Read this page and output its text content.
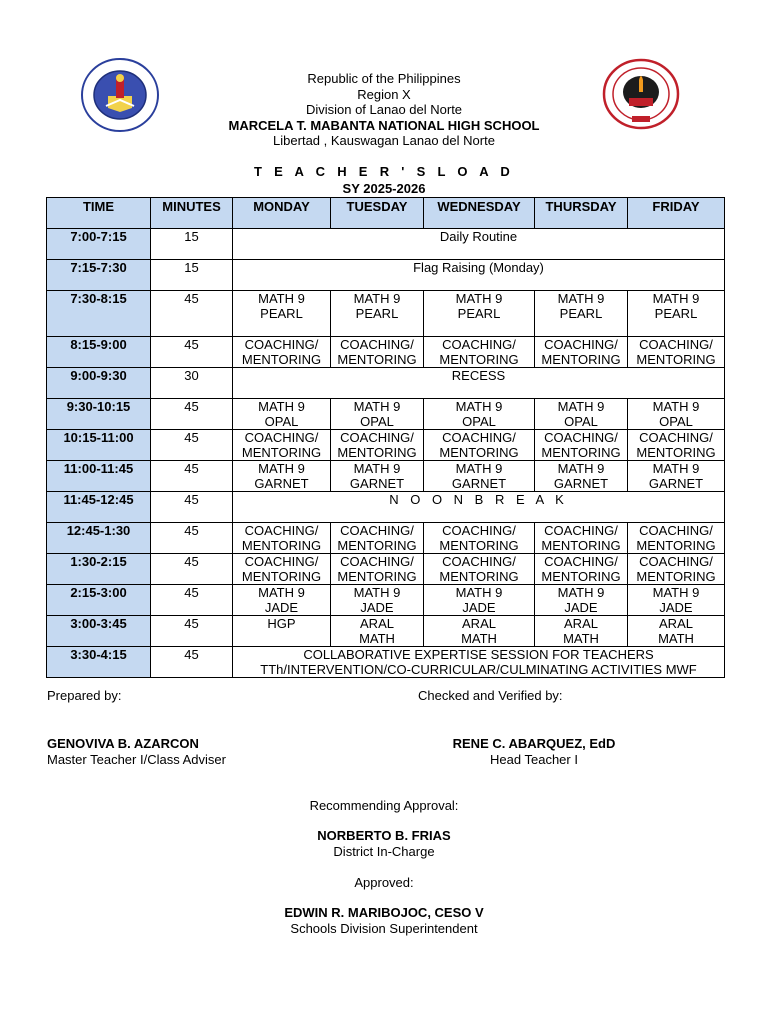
Republic of the Philippines
Region X
Division of Lanao del Norte
MARCELA T. MABANTA NATIONAL HIGH SCHOOL
Libertad , Kauswagan Lanao del Norte
T E A C H E R ' S L O A D
SY 2025-2026
TIME	MINUTES	MONDAY	TUESDAY	WEDNESDAY	THURSDAY	FRIDAY
7:00-7:15	15	Daily Routine				
7:15-7:30	15	Flag Raising (Monday)				
7:30-8:15	45	MATH 9
PEARL	MATH 9
PEARL	MATH 9
PEARL	MATH 9
PEARL	MATH 9
PEARL

8:15-9:00	45	COACHING/
MENTORING	COACHING/
MENTORING	COACHING/
MENTORING	COACHING/
MENTORING	COACHING/
MENTORING

9:00-9:30	30	RECESS				
9:30-10:15	45	MATH 9
OPAL	MATH 9
OPAL	MATH 9
OPAL	MATH 9
OPAL	MATH 9
OPAL

10:15-11:00	45	COACHING/
MENTORING	COACHING/
MENTORING	COACHING/
MENTORING	COACHING/
MENTORING	COACHING/
MENTORING

11:00-11:45	45	MATH 9
GARNET	MATH 9
GARNET	MATH 9
GARNET	MATH 9
GARNET	MATH 9
GARNET

11:45-12:45	45	N O O N B R E A K				
12:45-1:30	45	COACHING/
MENTORING	COACHING/
MENTORING	COACHING/
MENTORING	COACHING/
MENTORING	COACHING/
MENTORING

1:30-2:15	45	COACHING/
MENTORING	COACHING/
MENTORING	COACHING/
MENTORING	COACHING/
MENTORING	COACHING/
MENTORING

2:15-3:00	45	MATH 9
JADE	MATH 9
JADE	MATH 9
JADE	MATH 9
JADE	MATH 9
JADE

3:00-3:45	45	HGP	ARAL
MATH	ARAL
MATH	ARAL
MATH	ARAL
MATH

3:30-4:15	45	COLLABORATIVE EXPERTISE SESSION FOR TEACHERS
TTh/INTERVENTION/CO-CURRICULAR/CULMINATING ACTIVITIES MWF				
Prepared by:	Checked and Verified by:
GENOVIVA B. AZARCON
Master Teacher I/Class Adviser
RENE C. ABARQUEZ, EdD
Head Teacher I
Recommending Approval:
NORBERTO B. FRIAS
District In-Charge
Approved:
EDWIN R. MARIBOJOC, CESO V
Schools Division Superintendent
